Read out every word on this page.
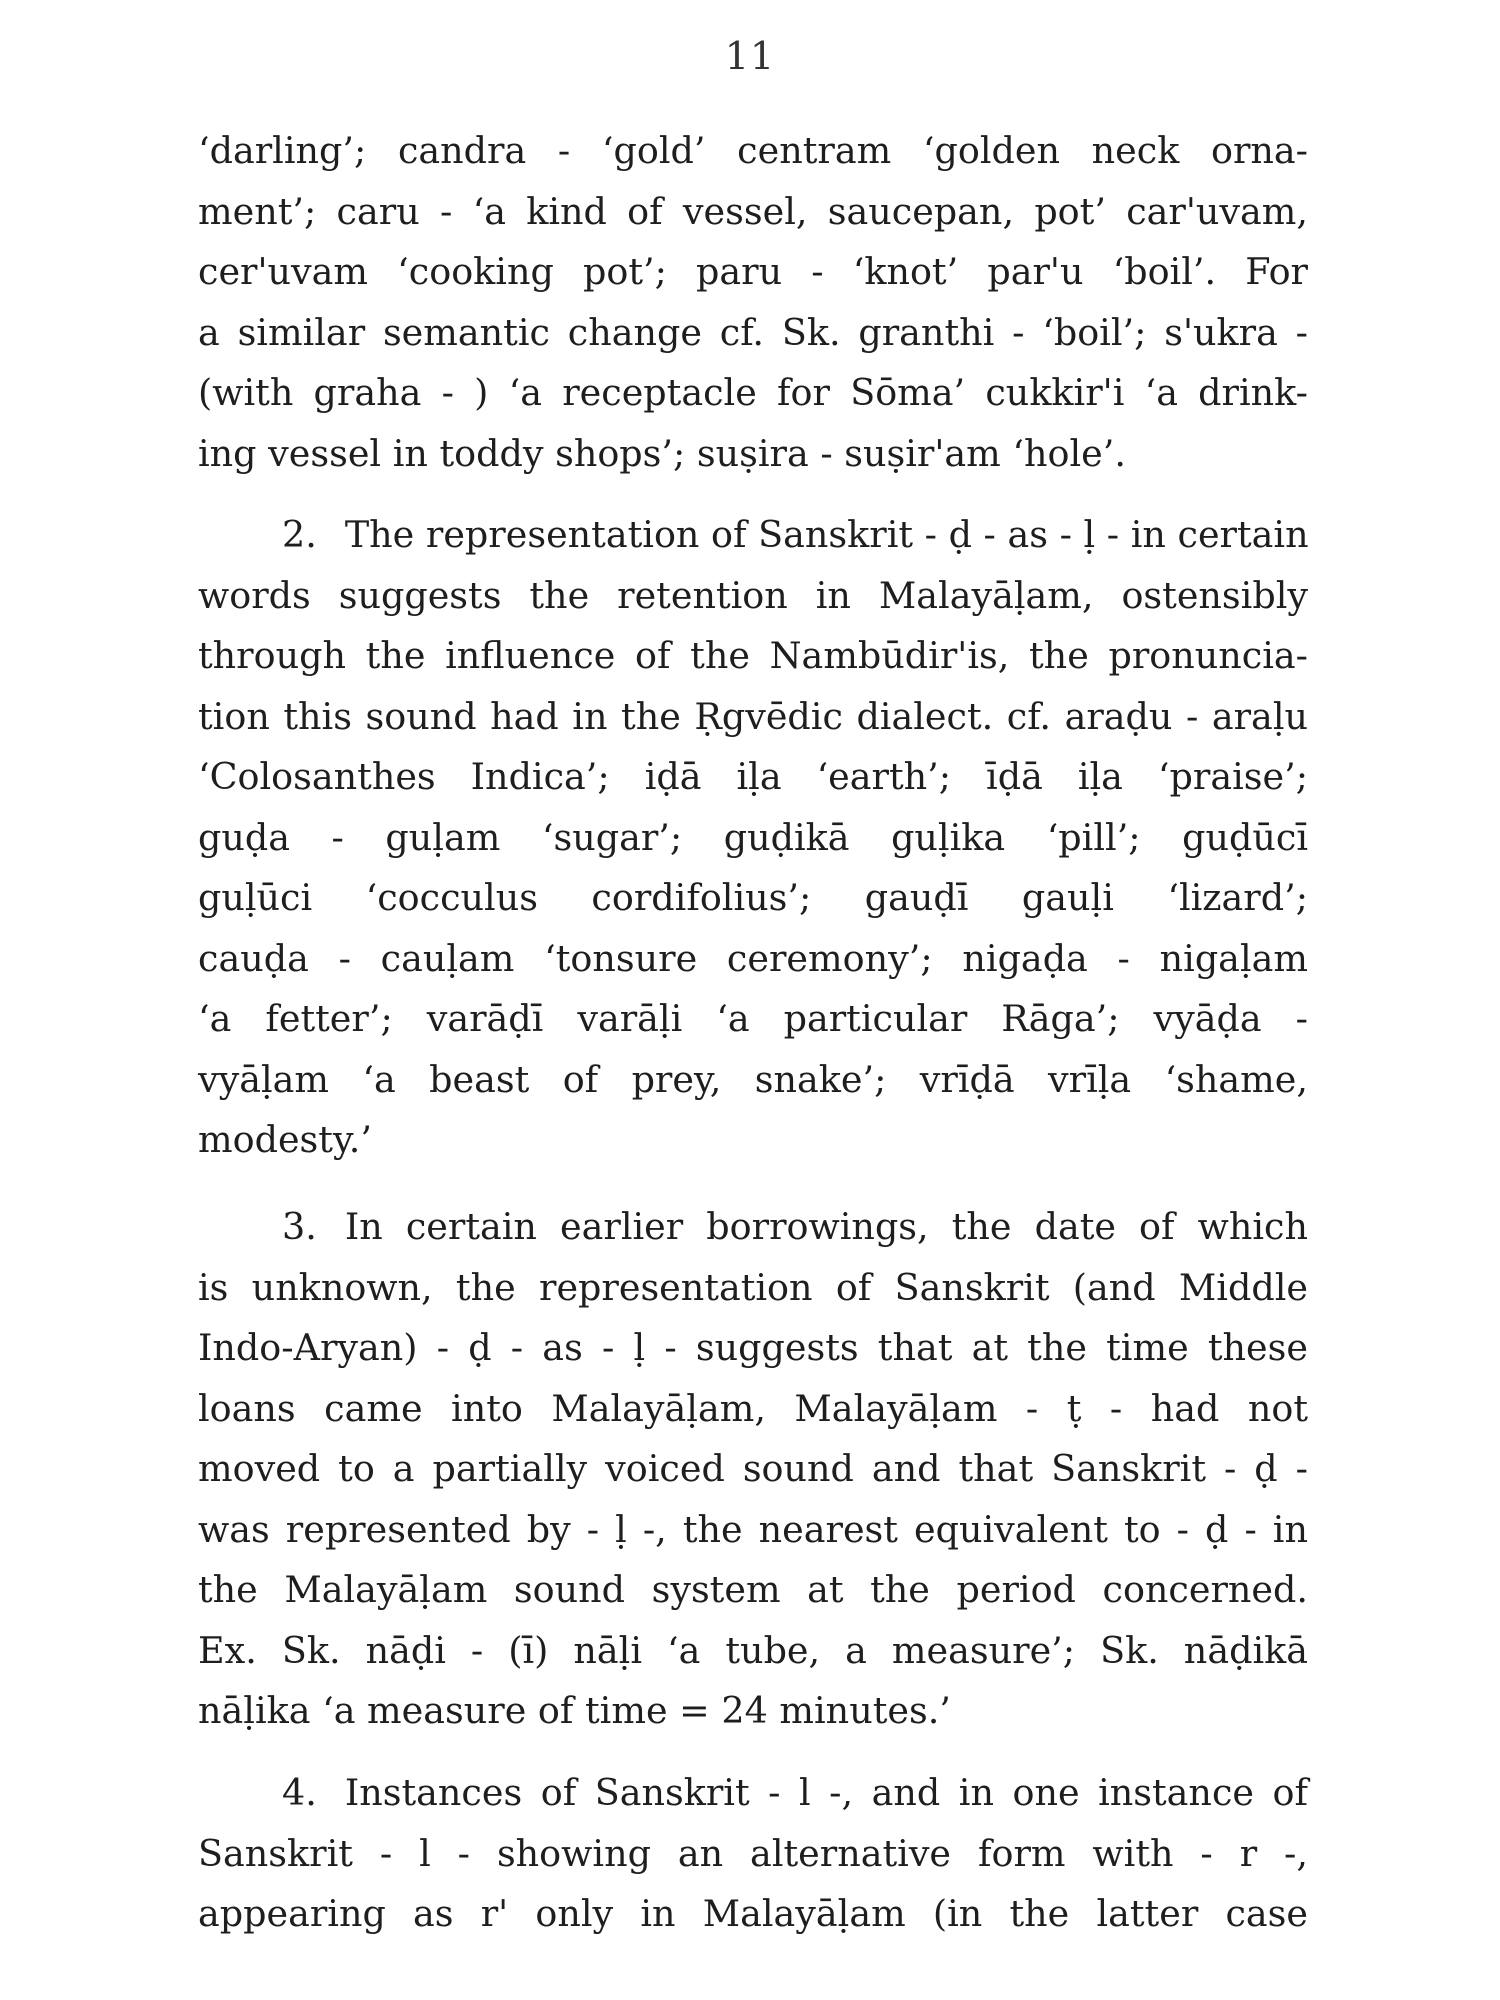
11
‘darling’; candra - ‘gold’ centram ‘golden neck orna-
ment’; caru - ‘a kind of vessel, saucepan, pot’ car'uvam,
cer'uvam ‘cooking pot’; paru - ‘knot’ par'u ‘boil’. For
a similar semantic change cf. Sk. granthi - ‘boil’; s'ukra -
(with graha - ) ‘a receptacle for Sōma’ cukkir'i ‘a drink-
ing vessel in toddy shops’; suṣira - suṣir'am ‘hole’.
2. The representation of Sanskrit - ḍ - as - ḷ - in certain
words suggests the retention in Malayāḷam, ostensibly
through the influence of the Nambūdir'is, the pronuncia-
tion this sound had in the Ṛgvēdic dialect. cf. araḍu - araḷu
‘Colosanthes Indica’; iḍā iḷa ‘earth’; īḍā iḷa ‘praise’;
guḍa - guḷam ‘sugar’; guḍikā guḷika ‘pill’; guḍūcī
guḷūci ‘cocculus cordifolius’; gauḍī gauḷi ‘lizard’;
cauḍa - cauḷam ‘tonsure ceremony’; nigaḍa - nigaḷam
‘a fetter’; varāḍī varāḷi ‘a particular Rāga’; vyāḍa -
vyāḷam ‘a beast of prey, snake’; vrīḍā vrīḷa ‘shame,
modesty.’
3. In certain earlier borrowings, the date of which
is unknown, the representation of Sanskrit (and Middle
Indo-Aryan) - ḍ - as - ḷ - suggests that at the time these
loans came into Malayāḷam, Malayāḷam - ṭ - had not
moved to a partially voiced sound and that Sanskrit - ḍ -
was represented by - ḷ -, the nearest equivalent to - ḍ - in
the Malayāḷam sound system at the period concerned.
Ex. Sk. nāḍi - (ī) nāḷi ‘a tube, a measure’; Sk. nāḍikā
nāḷika ‘a measure of time = 24 minutes.’
4. Instances of Sanskrit - l -, and in one instance of
Sanskrit - l - showing an alternative form with - r -,
appearing as r' only in Malayāḷam (in the latter case
